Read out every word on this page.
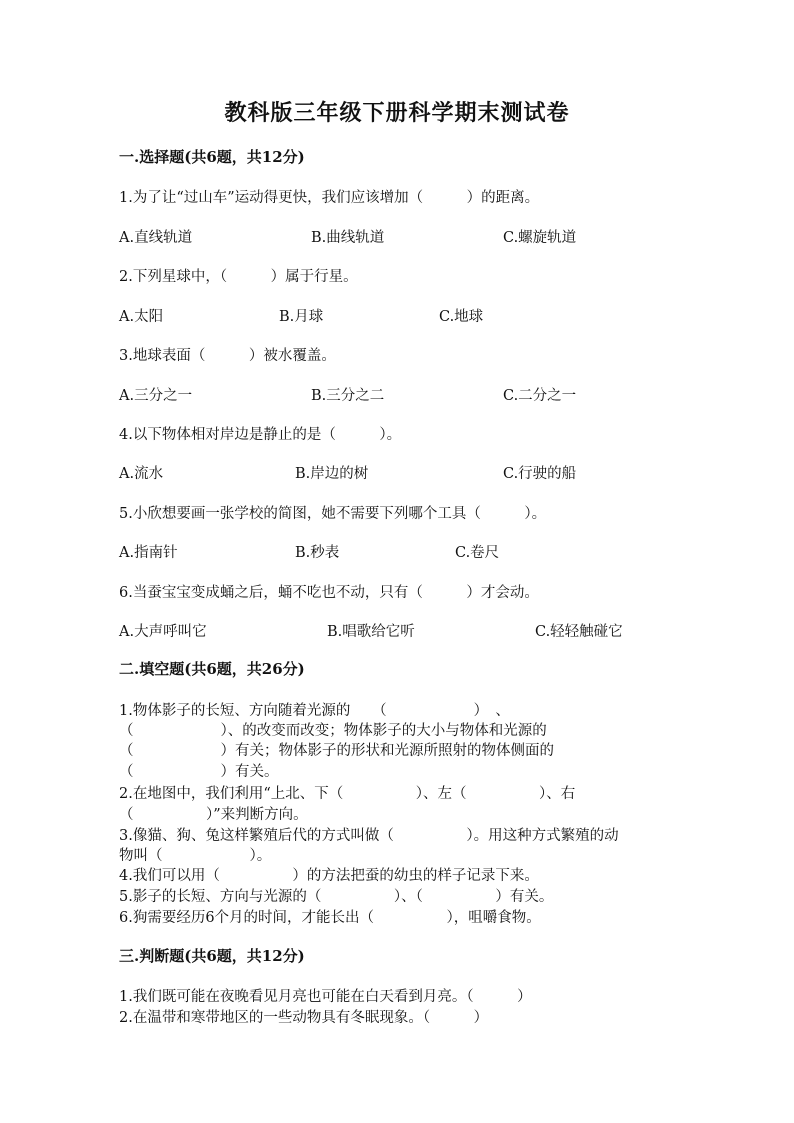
教科版三年级下册科学期末测试卷
一.选择题(共6题，共12分)
1.为了让“过山车”运动得更快，我们应该增加（　　　）的距离。
A.直线轨道	B.曲线轨道	C.螺旋轨道
2.下列星球中，（　　　）属于行星。
A.太阳	B.月球	C.地球
3.地球表面（　　　）被水覆盖。
A.三分之一	B.三分之二	C.二分之一
4.以下物体相对岸边是静止的是（　　　）。
A.流水	B.岸边的树	C.行驶的船
5.小欣想要画一张学校的简图，她不需要下列哪个工具（　　　）。
A.指南针	B.秒表	C.卷尺
6.当蚕宝宝变成蛹之后，蛹不吃也不动，只有（　　　）才会动。
A.大声呼叫它	B.唱歌给它听	C.轻轻触碰它
二.填空题(共6题，共26分)
1.物体影子的长短、方向随着光源的　　（　　　　　　）　、
（　　　　　　）、的改变而改变；物体影子的大小与物体和光源的
（　　　　　　）有关；物体影子的形状和光源所照射的物体侧面的
（　　　　　　）有关。
2.在地图中，我们利用“上北、下（　　　　　）、左（　　　　　）、右
（　　　　　）”来判断方向。
3.像猫、狗、兔这样繁殖后代的方式叫做（　　　　　）。用这种方式繁殖的动
物叫（　　　　　　）。
4.我们可以用（　　　　　）的方法把蚕的幼虫的样子记录下来。
5.影子的长短、方向与光源的（　　　　　）、（　　　　　）有关。
6.狗需要经历6个月的时间，才能长出（　　　　　），咀嚼食物。
三.判断题(共6题，共12分)
1.我们既可能在夜晚看见月亮也可能在白天看到月亮。（　　　）
2.在温带和寒带地区的一些动物具有冬眠现象。（　　　）
